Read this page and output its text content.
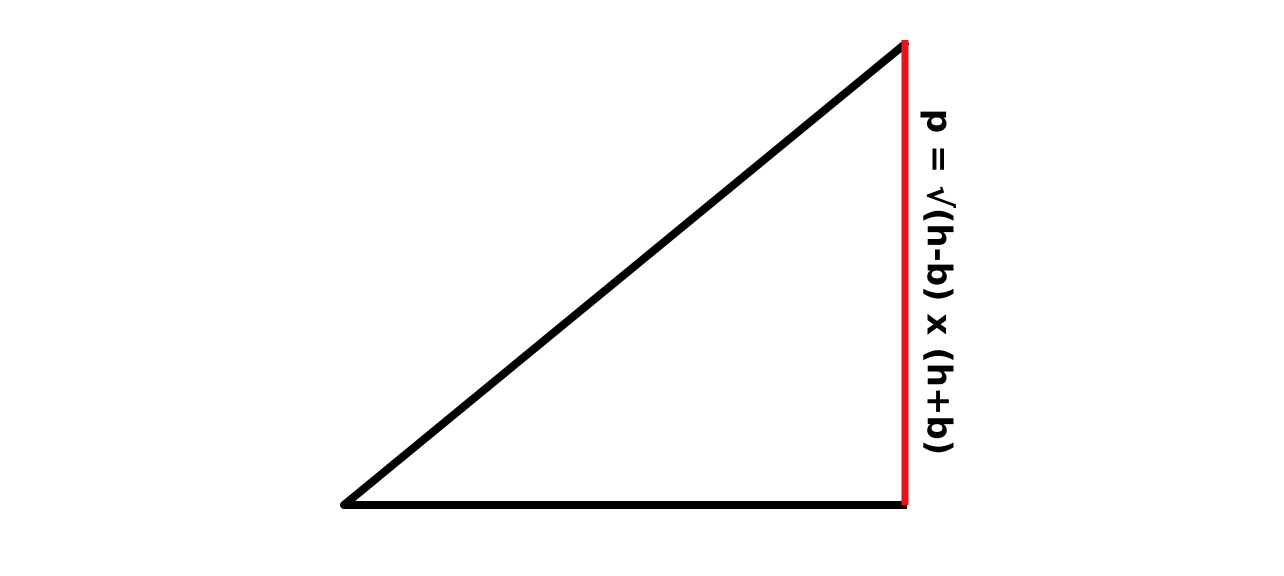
p = √(h-b) x (h+b)
